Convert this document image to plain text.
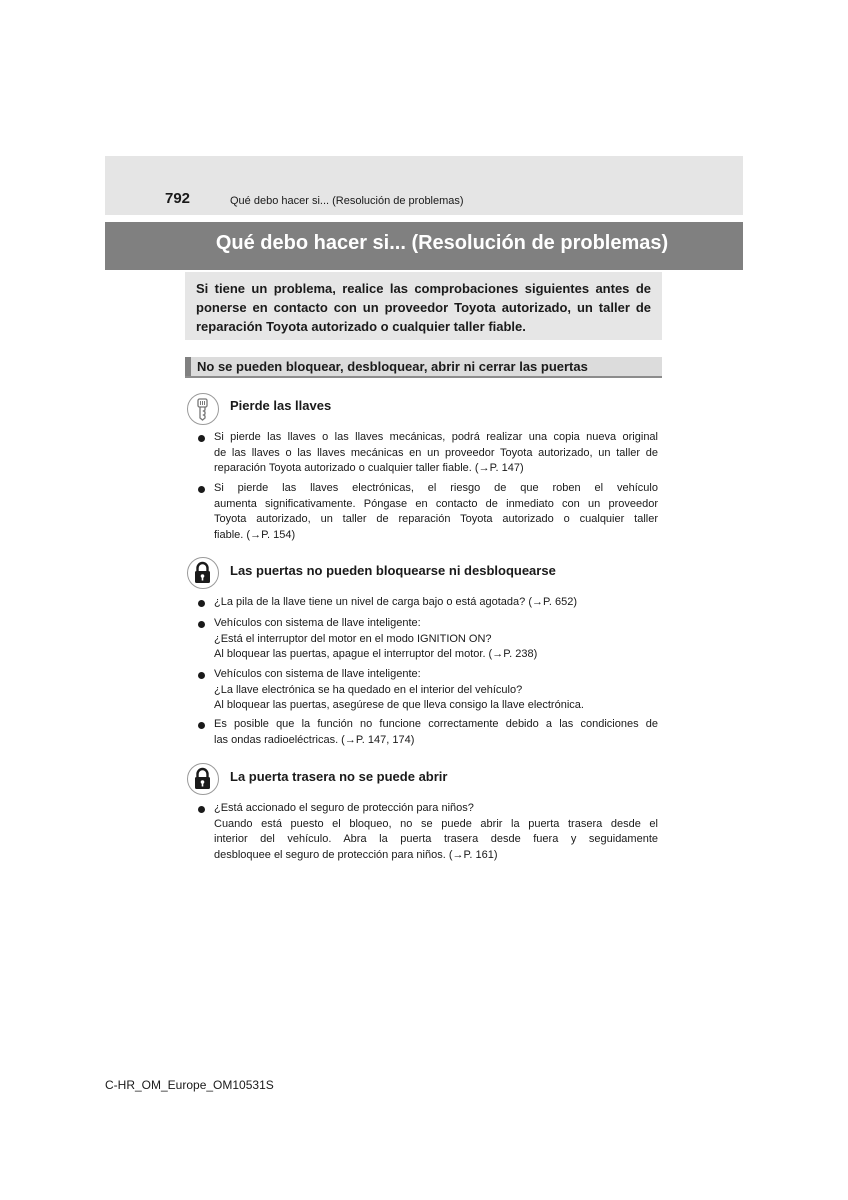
792	Qué debo hacer si... (Resolución de problemas)
Qué debo hacer si... (Resolución de problemas)
Si tiene un problema, realice las comprobaciones siguientes antes de
ponerse en contacto con un proveedor Toyota autorizado, un taller de
reparación Toyota autorizado o cualquier taller fiable.
No se pueden bloquear, desbloquear, abrir ni cerrar las puertas
Pierde las llaves
Si pierde las llaves o las llaves mecánicas, podrá realizar una copia nueva original
de las llaves o las llaves mecánicas en un proveedor Toyota autorizado, un taller de
reparación Toyota autorizado o cualquier taller fiable. (→P. 147)
Si pierde las llaves electrónicas, el riesgo de que roben el vehículo
aumenta significativamente. Póngase en contacto de inmediato con un proveedor
Toyota autorizado, un taller de reparación Toyota autorizado o cualquier taller
fiable. (→P. 154)
Las puertas no pueden bloquearse ni desbloquearse
¿La pila de la llave tiene un nivel de carga bajo o está agotada? (→P. 652)
Vehículos con sistema de llave inteligente:
¿Está el interruptor del motor en el modo IGNITION ON?
Al bloquear las puertas, apague el interruptor del motor. (→P. 238)
Vehículos con sistema de llave inteligente:
¿La llave electrónica se ha quedado en el interior del vehículo?
Al bloquear las puertas, asegúrese de que lleva consigo la llave electrónica.
Es posible que la función no funcione correctamente debido a las condiciones de
las ondas radioeléctricas. (→P. 147, 174)
La puerta trasera no se puede abrir
¿Está accionado el seguro de protección para niños?
Cuando está puesto el bloqueo, no se puede abrir la puerta trasera desde el
interior del vehículo. Abra la puerta trasera desde fuera y seguidamente
desbloquee el seguro de protección para niños. (→P. 161)
C-HR_OM_Europe_OM10531S
